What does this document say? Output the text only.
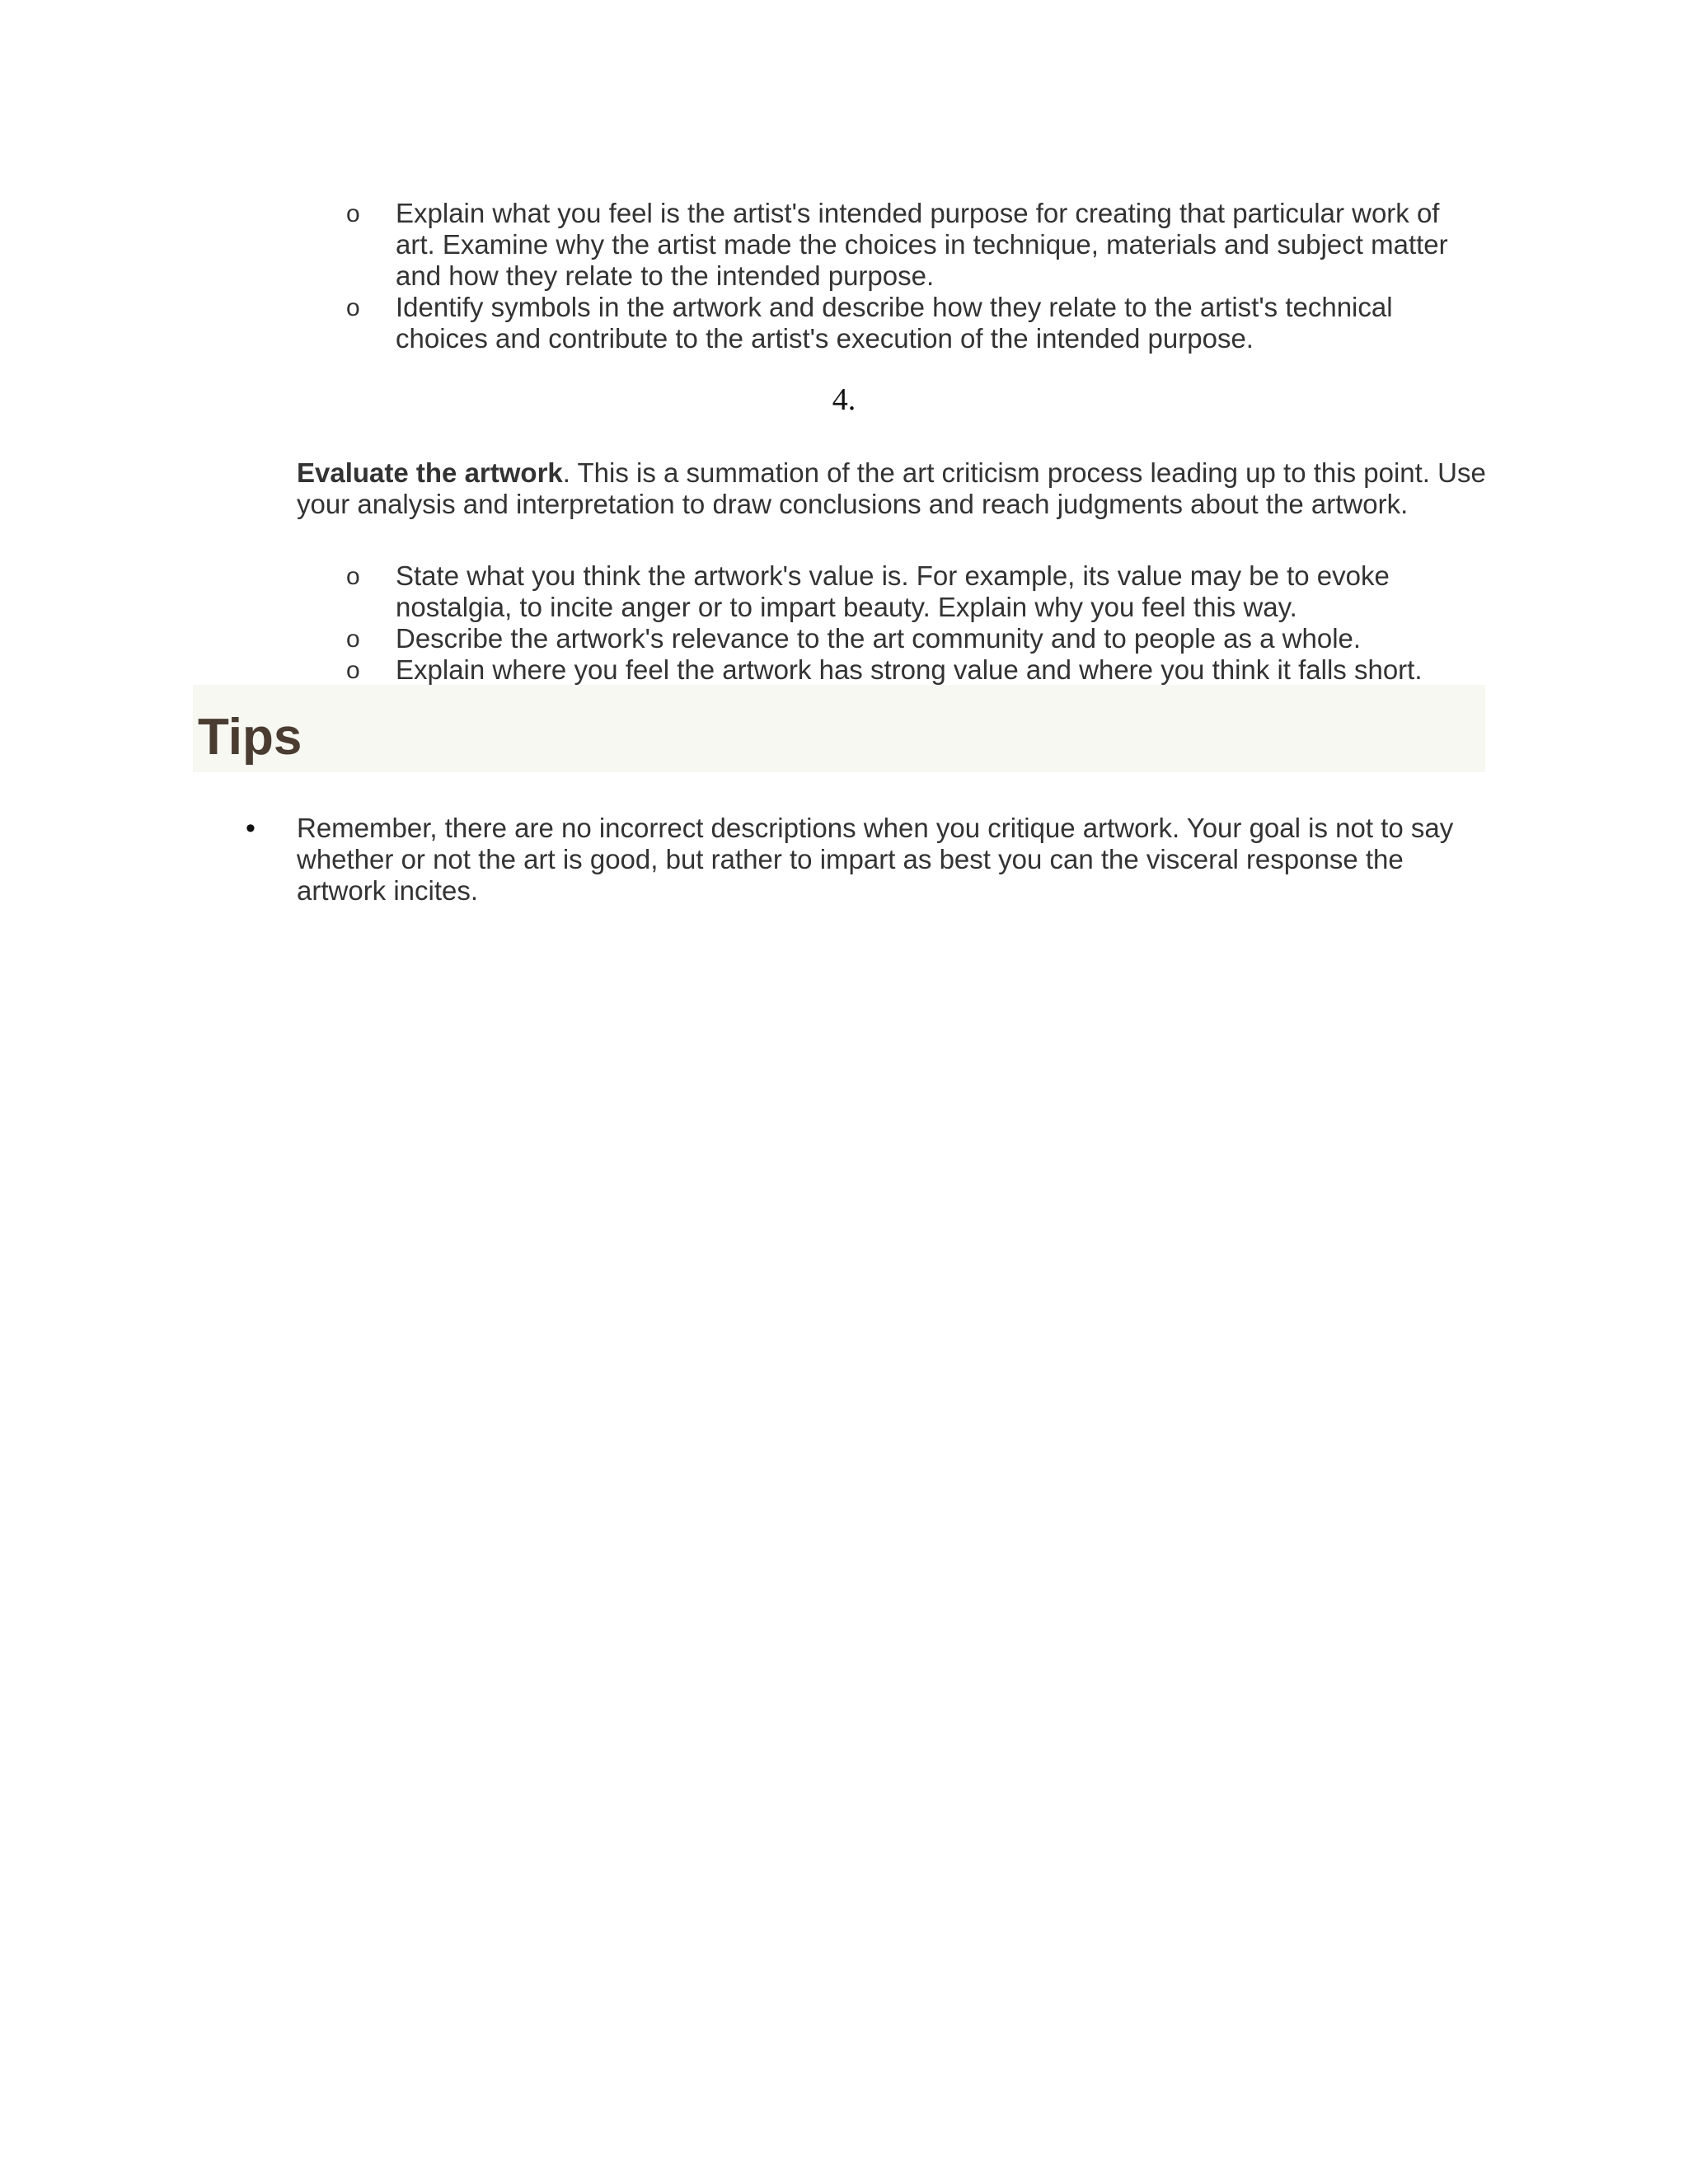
o Explain what you feel is the artist's intended purpose for creating that particular work of art. Examine why the artist made the choices in technique, materials and subject matter and how they relate to the intended purpose.
o Identify symbols in the artwork and describe how they relate to the artist's technical choices and contribute to the artist's execution of the intended purpose.
4.

Evaluate the artwork. This is a summation of the art criticism process leading up to this point. Use your analysis and interpretation to draw conclusions and reach judgments about the artwork.

o State what you think the artwork's value is. For example, its value may be to evoke nostalgia, to incite anger or to impart beauty. Explain why you feel this way.
o Describe the artwork's relevance to the art community and to people as a whole.
o Explain where you feel the artwork has strong value and where you think it falls short.
Tips
• Remember, there are no incorrect descriptions when you critique artwork. Your goal is not to say whether or not the art is good, but rather to impart as best you can the visceral response the artwork incites.
